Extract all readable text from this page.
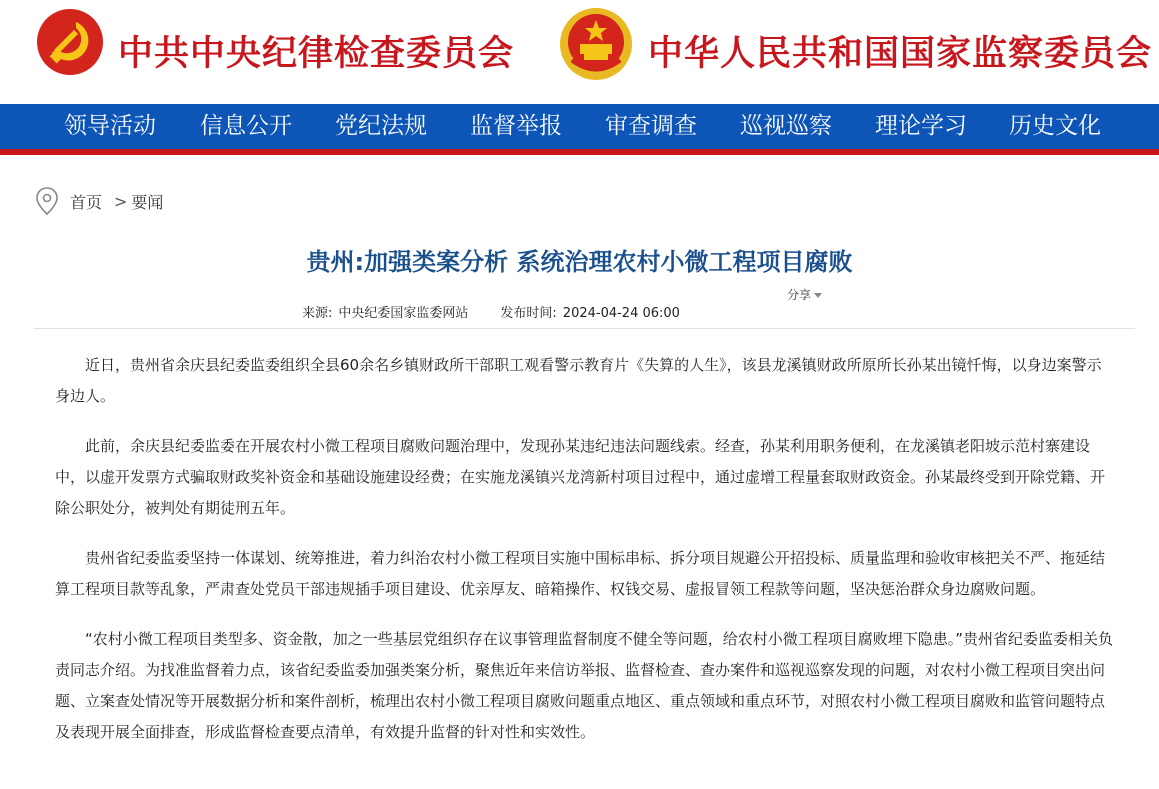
中共中央纪律检查委员会	中华人民共和国国家监察委员会
领导活动 信息公开 党纪法规 监督举报 审查调查 巡视巡察 理论学习 历史文化
首页 > 要闻
贵州:加强类案分析 系统治理农村小微工程项目腐败
分享
来源: 中央纪委国家监委网站 发布时间: 2024-04-24 06:00

近日，贵州省余庆县纪委监委组织全县60余名乡镇财政所干部职工观看警示教育片《失算的人生》，该县龙溪镇财政所原所长孙某出镜忏悔，以身边案警示身边人。

此前，余庆县纪委监委在开展农村小微工程项目腐败问题治理中，发现孙某违纪违法问题线索。经查，孙某利用职务便利，在龙溪镇老阳坡示范村寨建设中，以虚开发票方式骗取财政奖补资金和基础设施建设经费；在实施龙溪镇兴龙湾新村项目过程中，通过虚增工程量套取财政资金。孙某最终受到开除党籍、开除公职处分，被判处有期徒刑五年。

贵州省纪委监委坚持一体谋划、统筹推进，着力纠治农村小微工程项目实施中围标串标、拆分项目规避公开招投标、质量监理和验收审核把关不严、拖延结算工程项目款等乱象，严肃查处党员干部违规插手项目建设、优亲厚友、暗箱操作、权钱交易、虚报冒领工程款等问题，坚决惩治群众身边腐败问题。

“农村小微工程项目类型多、资金散，加之一些基层党组织存在议事管理监督制度不健全等问题，给农村小微工程项目腐败埋下隐患。”贵州省纪委监委相关负责同志介绍。为找准监督着力点，该省纪委监委加强类案分析，聚焦近年来信访举报、监督检查、查办案件和巡视巡察发现的问题，对农村小微工程项目突出问题、立案查处情况等开展数据分析和案件剖析，梳理出农村小微工程项目腐败问题重点地区、重点领域和重点环节，对照农村小微工程项目腐败和监管问题特点及表现开展全面排查，形成监督检查要点清单，有效提升监督的针对性和实效性。
